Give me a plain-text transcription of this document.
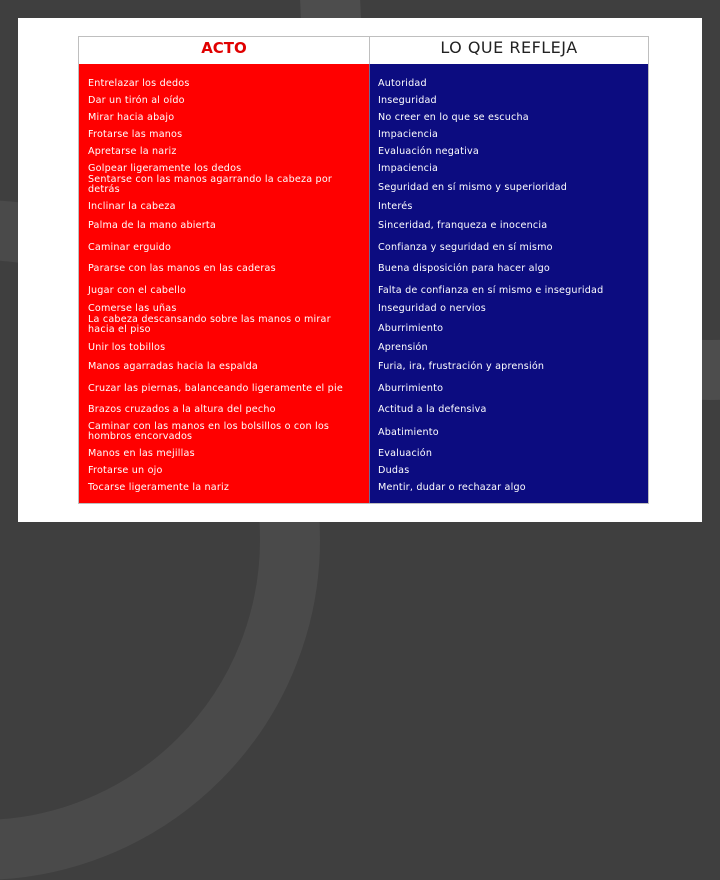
ACTO	LO QUE REFLEJA
Entrelazar los dedos
Dar un tirón al oído
Mirar hacia abajo
Frotarse las manos
Apretarse la nariz
Golpear ligeramente los dedos
Sentarse con las manos agarrando la cabeza por detrás
Inclinar la cabeza
Palma de la mano abierta
Caminar erguido
Pararse con las manos en las caderas
Jugar con el cabello
Comerse las uñas
La cabeza descansando sobre las manos o mirar hacia el piso
Unir los tobillos
Manos agarradas hacia la espalda
Cruzar las piernas, balanceando ligeramente el pie
Brazos cruzados a la altura del pecho
Caminar con las manos en los bolsillos o con los hombros encorvados
Manos en las mejillas
Frotarse un ojo
Tocarse ligeramente la nariz
Autoridad
Inseguridad
No creer en lo que se escucha
Impaciencia
Evaluación negativa
Impaciencia
Seguridad en sí mismo y superioridad
Interés
Sinceridad, franqueza e inocencia
Confianza y seguridad en sí mismo
Buena disposición para hacer algo
Falta de confianza en sí mismo e inseguridad
Inseguridad o nervios
Aburrimiento
Aprensión
Furia, ira, frustración y aprensión
Aburrimiento
Actitud a la defensiva
Abatimiento
Evaluación
Dudas
Mentir, dudar o rechazar algo
